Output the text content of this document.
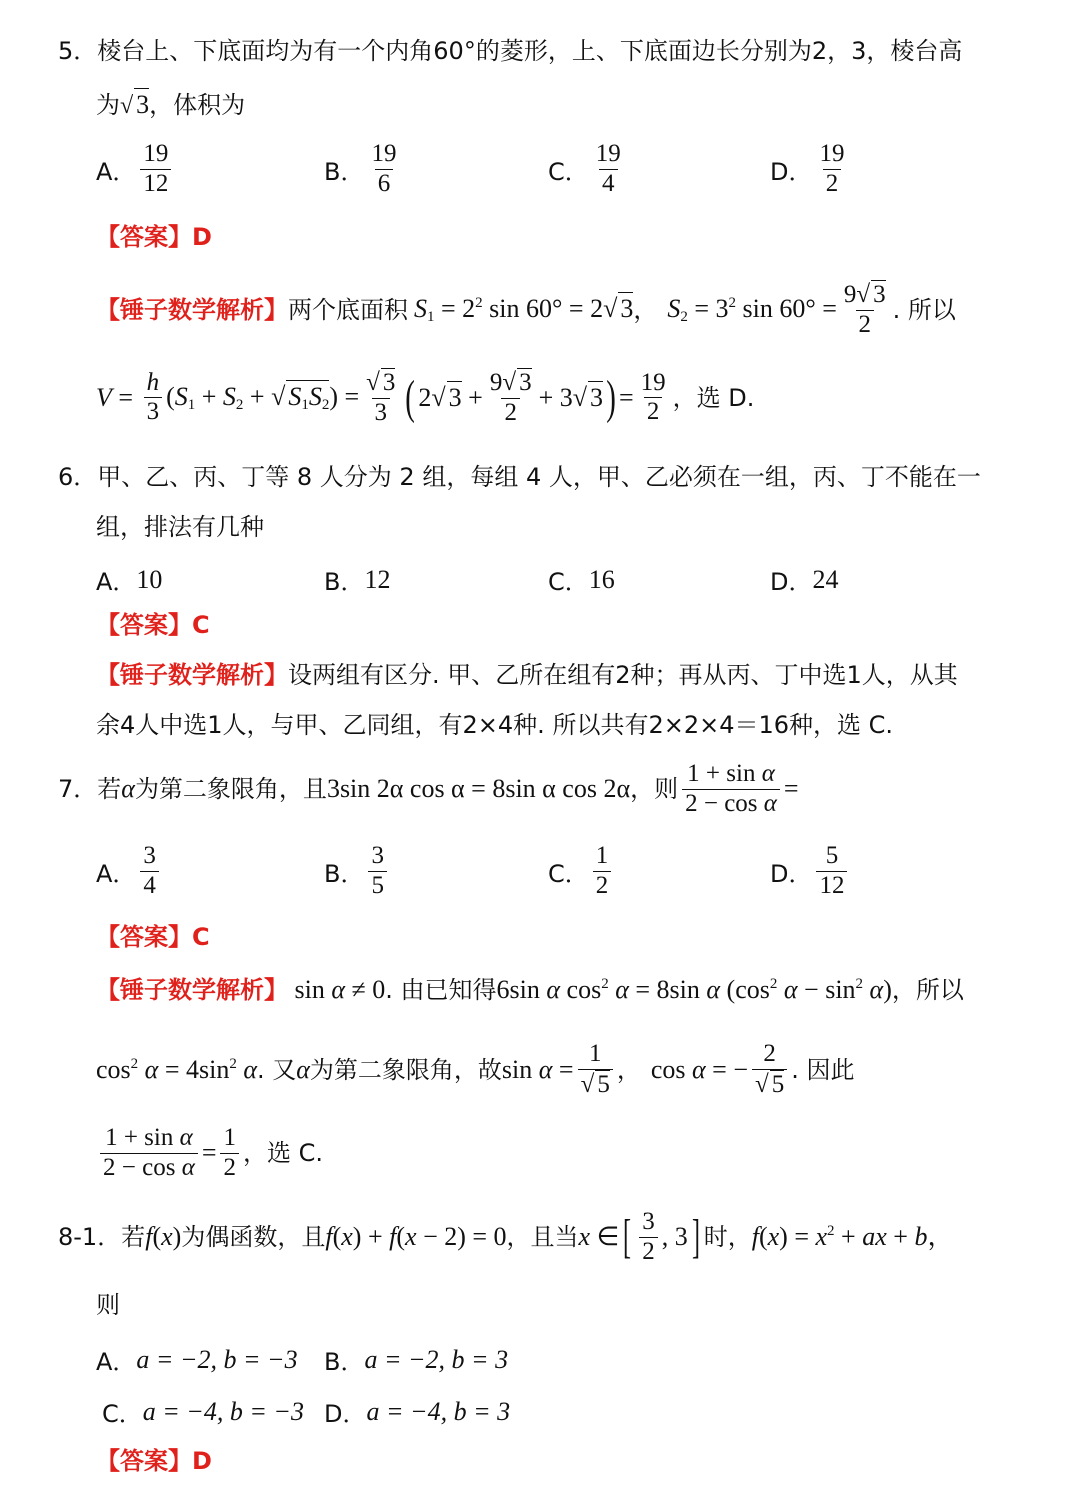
5．棱台上、下底面均为有一个内角60°的菱形，上、下底面边长分别为2，3，棱台高
为√ 3，体积为
A． $\frac{19}{12}$	B． $\frac{19}{6}$	C． $\frac{19}{4}$	D． $\frac{19}{2}$
【答案】D
【锤子数学解析】 两个底面积 $S_1 = 2^2$ sin 60° = 2√ 3 ， $S_2 = 3^2$ $\sin 60^\circ = \frac{9√ 3}{2}$ . 所以
$V = \frac{h}{3} (S_1 + S_2$ + √ $S_1S_2) = \frac{√ 3}{3}$ ( 2√ $3 + \frac{9√ 3}{2} + 3√$ 3 ) = $\frac{19}{2}$ ，选 D.
6．甲、乙、丙、丁等 8 人分为 2 组，每组 4 人，甲、乙必须在一组，丙、丁不能在一
组，排法有几种
A． 10	B． 12	C． 16	D． 24
【答案】C
【锤子数学解析】设两组有区分. 甲、乙所在组有2种；再从丙、丁中选1人，从其
余4人中选1人，与甲、乙同组，有2×4种. 所以共有2×2×4＝16种，选 C.
7． 若 α 为第二象限角，且 3sin 2α cos α = 8sin α cos 2α ，则 $\frac{\text{1 + sin α}}{\text{2 − cos α}}$ =
A． $\frac{3}{4}$	B． $\frac{3}{5}$	C． $\frac{1}{2}$	D． $\frac{5}{12}$
【答案】C
【锤子数学解析】 sin α ≠ 0 . 由已知得 6sin α $\cos^2 \alpha = 8\sin$ α ($\cos^2$ $\alpha - \sin^2 \alpha$) ，所以
$\cos^2 \alpha = 4\sin^2$ α . 又 α 为第二象限角，故 $\sin \alpha = \frac{1}{√ 5}$ ， cos α = − $\frac{2}{√ 5}$ . 因此
$\frac{\text{1 + sin α}}{\text{2 − cos α}} = \frac{1}{2}$ ，选 C.
8-1． 若 f(x) 为偶函数，且 f(x) + f(x − 2) = 0 ，且当 x ∈ [ $\frac{3}{2}$ , 3 ] 时， $f(x) = x^2$ + ax + b，
则
A． a = −2, b = −3 B． a = −2, b = 3
C． a = −4, b = −3 D． a = −4, b = 3
【答案】D
